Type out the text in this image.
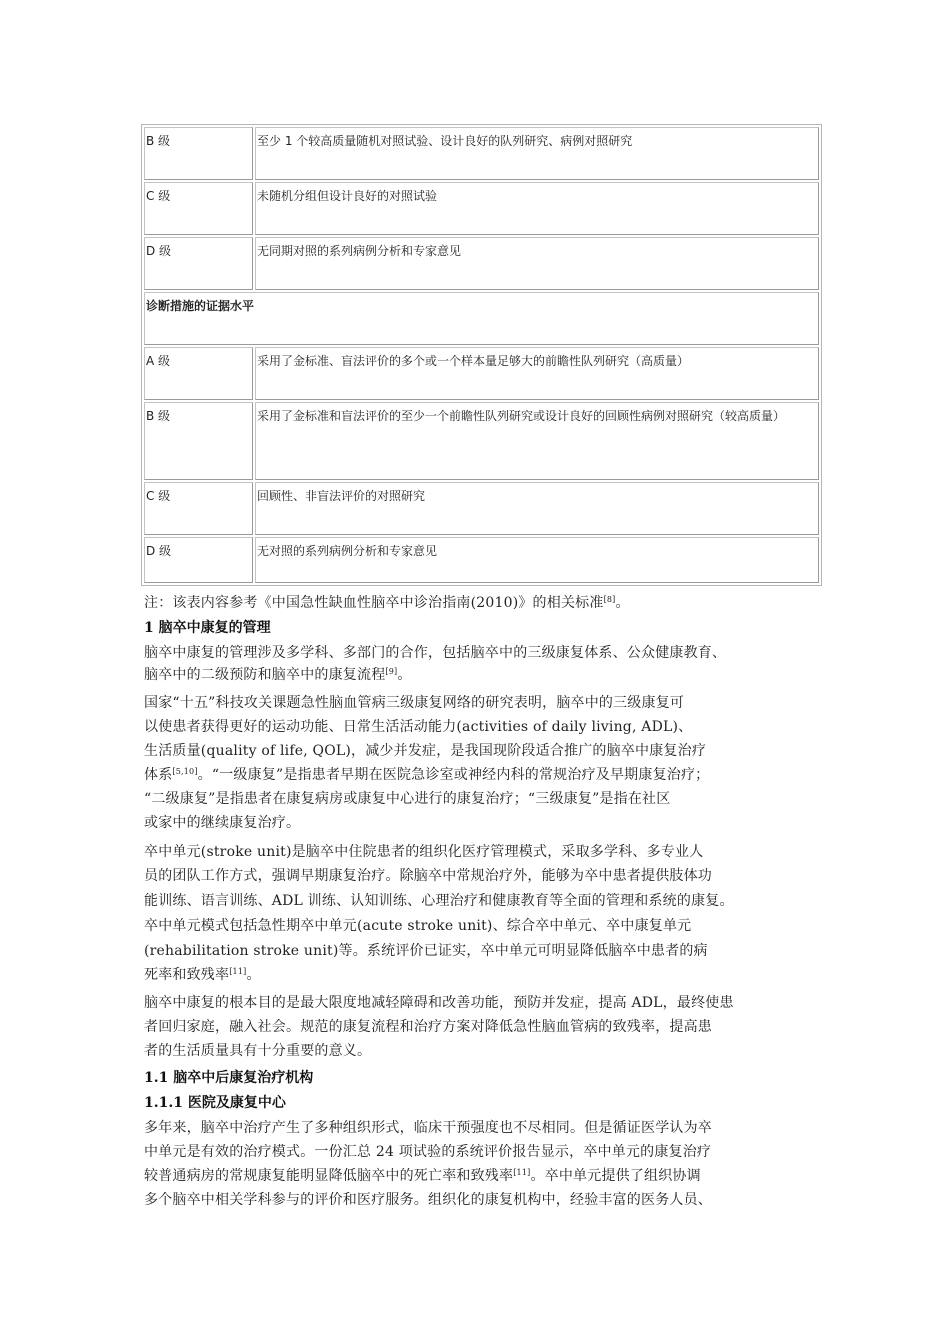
B 级	至少 1 个较高质量随机对照试验、设计良好的队列研究、病例对照研究
C 级	未随机分组但设计良好的对照试验
D 级	无同期对照的系列病例分析和专家意见
诊断措施的证据水平
A 级	采用了金标准、盲法评价的多个或一个样本量足够大的前瞻性队列研究（高质量）
B 级	采用了金标准和盲法评价的至少一个前瞻性队列研究或设计良好的回顾性病例对照研究（较高质量）
C 级	回顾性、非盲法评价的对照研究
D 级	无对照的系列病例分析和专家意见
注：该表内容参考《中国急性缺血性脑卒中诊治指南(2010)》的相关标准[8]。
1 脑卒中康复的管理
脑卒中康复的管理涉及多学科、多部门的合作，包括脑卒中的三级康复体系、公众健康教育、
脑卒中的二级预防和脑卒中的康复流程[9]。
国家“十五”科技攻关课题急性脑血管病三级康复网络的研究表明，脑卒中的三级康复可
以使患者获得更好的运动功能、日常生活活动能力(activities of daily living, ADL)、
生活质量(quality of life, QOL)，减少并发症，是我国现阶段适合推广的脑卒中康复治疗
体系[5,10]。“一级康复”是指患者早期在医院急诊室或神经内科的常规治疗及早期康复治疗；
“二级康复”是指患者在康复病房或康复中心进行的康复治疗；“三级康复”是指在社区
或家中的继续康复治疗。
卒中单元(stroke unit)是脑卒中住院患者的组织化医疗管理模式，采取多学科、多专业人
员的团队工作方式，强调早期康复治疗。除脑卒中常规治疗外，能够为卒中患者提供肢体功
能训练、语言训练、ADL 训练、认知训练、心理治疗和健康教育等全面的管理和系统的康复。
卒中单元模式包括急性期卒中单元(acute stroke unit)、综合卒中单元、卒中康复单元
(rehabilitation stroke unit)等。系统评价已证实，卒中单元可明显降低脑卒中患者的病
死率和致残率[11]。
脑卒中康复的根本目的是最大限度地减轻障碍和改善功能，预防并发症，提高 ADL，最终使患
者回归家庭，融入社会。规范的康复流程和治疗方案对降低急性脑血管病的致残率，提高患
者的生活质量具有十分重要的意义。
1.1 脑卒中后康复治疗机构
1.1.1 医院及康复中心
多年来，脑卒中治疗产生了多种组织形式，临床干预强度也不尽相同。但是循证医学认为卒
中单元是有效的治疗模式。一份汇总 24 项试验的系统评价报告显示，卒中单元的康复治疗
较普通病房的常规康复能明显降低脑卒中的死亡率和致残率[11]。卒中单元提供了组织协调
多个脑卒中相关学科参与的评价和医疗服务。组织化的康复机构中，经验丰富的医务人员、
